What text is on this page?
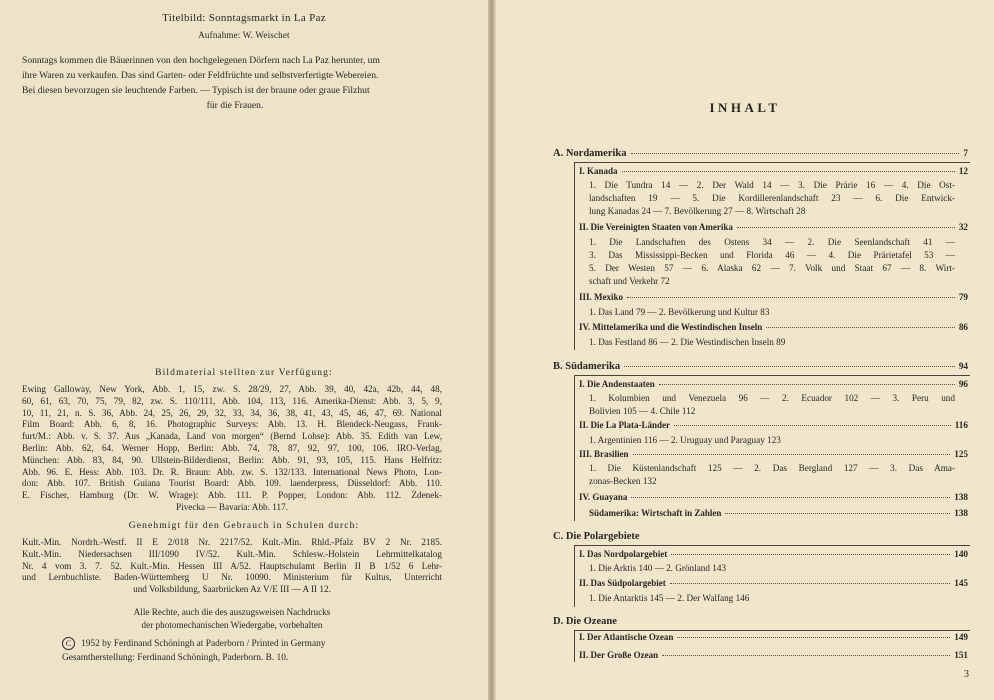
Titelbild: Sonntagsmarkt in La Paz
Aufnahme: W. Weischet
Sonntags kommen die Bäuerinnen von den hochgelegenen Dörfern nach La Paz herunter, um
ihre Waren zu verkaufen. Das sind Garten- oder Feldfrüchte und selbstverfertigte Webereien.
Bei diesen bevorzugen sie leuchtende Farben. — Typisch ist der braune oder graue Filzhut
für die Frauen.
Bildmaterial stellten zur Verfügung:
Ewing Galloway, New York, Abb. 1, 15, zw. S. 28/29, 27, Abb. 39, 40, 42a, 42b, 44, 48,
60, 61, 63, 70, 75, 79, 82, zw. S. 110/111, Abb. 104, 113, 116. Amerika-Dienst: Abb. 3, 5, 9,
10, 11, 21, n. S. 36, Abb. 24, 25, 26, 29, 32, 33, 34, 36, 38, 41, 43, 45, 46, 47, 69. National
Film Board: Abb. 6, 8, 16. Photographic Surveys: Abb. 13. H. Blendeck-Neugass, Frank-
furt/M.: Abb. v. S. 37. Aus „Kanada, Land von morgen“ (Bernd Lohse): Abb. 35. Edith van Lew,
Berlin: Abb. 62, 64. Werner Hopp, Berlin: Abb. 74, 78, 87, 92, 97, 100, 106. IRO-Verlag,
München: Abb. 83, 84, 90. Ullstein-Bilderdienst, Berlin: Abb. 91, 93, 105, 115. Hans Helfritz:
Abb. 96. E. Hess: Abb. 103. Dr. R. Braun: Abb. zw. S. 132/133. International News Photo, Lon-
don: Abb. 107. British Guiana Tourist Board: Abb. 109. laenderpress, Düsseldorf: Abb. 110.
E. Fischer, Hamburg (Dr. W. Wrage): Abb. 111. P. Popper, London: Abb. 112. Zdenek-
Pivecka — Bavaria: Abb. 117.
Genehmigt für den Gebrauch in Schulen durch:
Kult.-Min. Nordrh.-Westf. II E 2/018 Nr. 2217/52. Kult.-Min. Rhld.-Pfalz BV 2 Nr. 2185.
Kult.-Min. Niedersachsen III/1090 IV/52. Kult.-Min. Schlesw.-Holstein Lehrmittelkatalog
Nr. 4 vom 3. 7. 52. Kult.-Min. Hessen III A/52. Hauptschulamt Berlin II B 1/52 6 Lehr-
und Lernbuchliste. Baden-Württemberg U Nr. 10090. Ministerium für Kultus, Unterricht
und Volksbildung, Saarbrücken Az V/E III — A II 12.
Alle Rechte, auch die des auszugsweisen Nachdrucks
der photomechanischen Wiedergabe, vorbehalten
C 1952 by Ferdinand Schöningh at Paderborn / Printed in Germany
Gesamtherstellung: Ferdinand Schöningh, Paderborn. B. 10.
INHALT
A. Nordamerika	7
I. Kanada	12
1. Die Tundra 14 — 2. Der Wald 14 — 3. Die Prärie 16 — 4. Die Ost-
landschaften 19 — 5. Die Kordillerenlandschaft 23 — 6. Die Entwick-
lung Kanadas 24 — 7. Bevölkerung 27 — 8. Wirtschaft 28
II. Die Vereinigten Staaten von Amerika	32
1. Die Landschaften des Ostens 34 — 2. Die Seenlandschaft 41 —
3. Das Mississippi-Becken und Florida 46 — 4. Die Prärietafel 53 —
5. Der Westen 57 — 6. Alaska 62 — 7. Volk und Staat 67 — 8. Wirt-
schaft und Verkehr 72
III. Mexiko	79
1. Das Land 79 — 2. Bevölkerung und Kultur 83
IV. Mittelamerika und die Westindischen Inseln	86
1. Das Festland 86 — 2. Die Westindischen Inseln 89
B. Südamerika	94
I. Die Andenstaaten	96
1. Kolumbien und Venezuela 96 — 2. Ecuador 102 — 3. Peru und
Bolivien 105 — 4. Chile 112
II. Die La Plata-Länder	116
1. Argentinien 116 — 2. Uruguay und Paraguay 123
III. Brasilien	125
1. Die Küstenlandschaft 125 — 2. Das Bergland 127 — 3. Das Ama-
zonas-Becken 132
IV. Guayana	138
Südamerika: Wirtschaft in Zahlen	138
C. Die Polargebiete
I. Das Nordpolargebiet	140
1. Die Arktis 140 — 2. Grönland 143
II. Das Südpolargebiet	145
1. Die Antarktis 145 — 2. Der Walfang 146
D. Die Ozeane
I. Der Atlantische Ozean	149
II. Der Große Ozean	151
3
